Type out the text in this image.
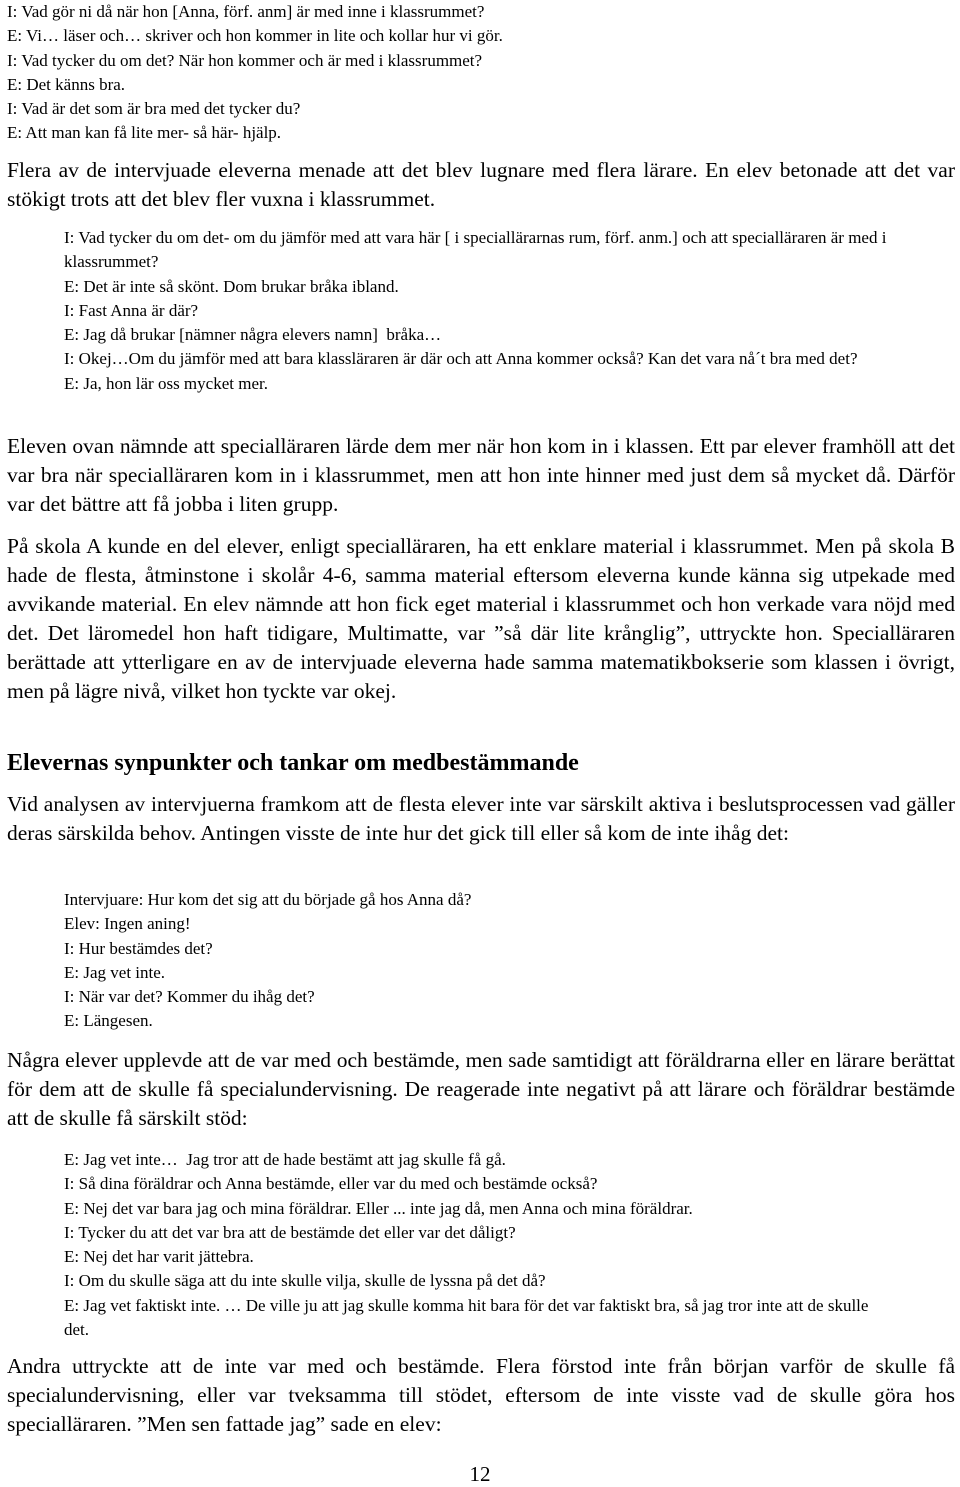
I: Vad gör ni då när hon [Anna, förf. anm] är med inne i klassrummet?
E: Vi… läser och… skriver och hon kommer in lite och kollar hur vi gör.
I: Vad tycker du om det? När hon kommer och är med i klassrummet?
E: Det känns bra.
I: Vad är det som är bra med det tycker du?
E: Att man kan få lite mer- så här- hjälp.

Flera av de intervjuade eleverna menade att det blev lugnare med flera lärare. En elev betonade att det var stökigt trots att det blev fler vuxna i klassrummet.

I: Vad tycker du om det- om du jämför med att vara här [ i speciallärarnas rum, förf. anm.] och att speciallärare​n är med i klassrummet?
E: Det är inte så skönt. Dom brukar bråka ibland.
I: Fast Anna är där?
E: Jag då brukar [nämner några elevers namn]  bråka…
I: Okej…Om du jämför med att bara klassläraren är där och att Anna kommer också? Kan det vara nå´t bra med det?
E: Ja, hon lär oss mycket mer.

Eleven ovan nämnde att specialläraren lärde dem mer när hon kom in i klassen. Ett par elever framhöll att det var bra när specialläraren kom in i klassrummet, men att hon inte hinner med just dem så mycket då. Därför var det bättre att få jobba i liten grupp.

På skola A kunde en del elever, enligt specialläraren, ha ett enklare material i klassrummet. Men på skola B hade de flesta, åtminstone i skolår 4-6, samma material eftersom eleverna kunde känna sig utpekade med avvikande material. En elev nämnde att hon fick eget material i klassrummet och hon verkade vara nöjd med det. Det läromedel hon haft tidigare, Multimatte, var ”så där lite krånglig”, uttryckte hon. Specialläraren berättade att ytterligare en av de intervjuade eleverna hade samma matematikbokserie som klassen i övrigt, men på lägre nivå, vilket hon tyckte var okej.

Elevernas synpunkter och tankar om medbestämmande

Vid analysen av intervjuerna framkom att de flesta elever inte var särskilt aktiva i beslutsprocessen vad gäller deras särskilda behov. Antingen visste de inte hur det gick till eller så kom de inte ihåg det:

Intervjuare: Hur kom det sig att du började gå hos Anna då?
Elev: Ingen aning!
I: Hur bestämdes det?
E: Jag vet inte.
I: När var det? Kommer du ihåg det?
E: Längesen.

Några elever upplevde att de var med och bestämde, men sade samtidigt att föräldrarna eller en lärare berättat för dem att de skulle få specialundervisning. De reagerade inte negativt på att lärare och föräldrar bestämde att de skulle få särskilt stöd:

E: Jag vet inte…  Jag tror att de hade bestämt att jag skulle få gå.
I: Så dina föräldrar och Anna bestämde, eller var du med och bestämde också?
E: Nej det var bara jag och mina föräldrar. Eller ... inte jag då, men Anna och mina föräldrar.
I: Tycker du att det var bra att de bestämde det eller var det dåligt?
E: Nej det har varit jättebra.
I: Om du skulle säga att du inte skulle vilja, skulle de lyssna på det då?
E: Jag vet faktiskt inte. … De ville ju att jag skulle komma hit bara för det var faktiskt bra, så jag tror inte att de skulle det.

Andra uttryckte att de inte var med och bestämde. Flera förstod inte från början varför de skulle få specialundervisning, eller var tveksamma till stödet, eftersom de inte visste vad de skulle göra hos specialläraren. ”Men sen fattade jag” sade en elev:

12
